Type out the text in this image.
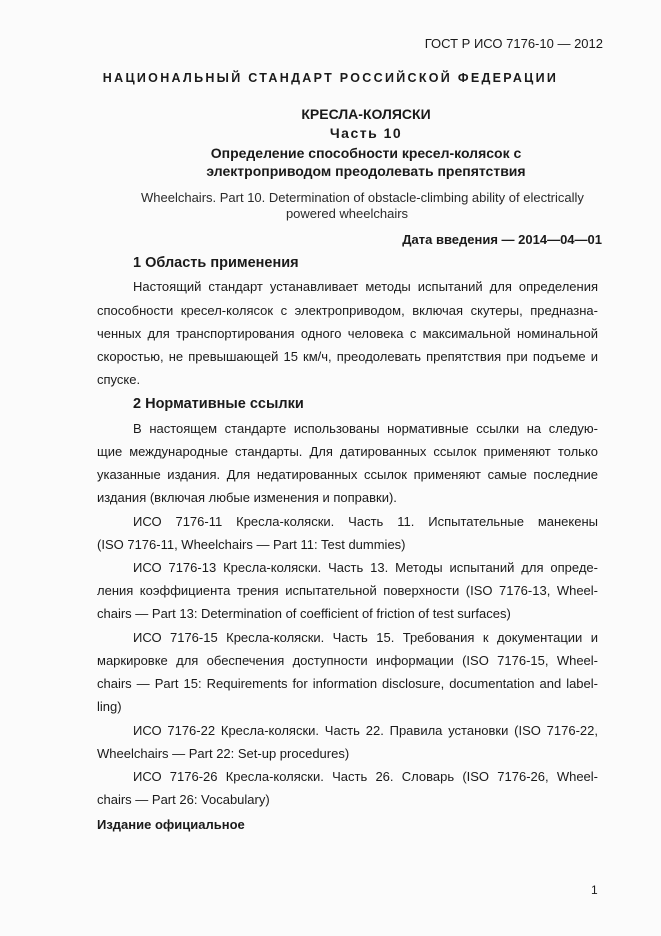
ГОСТ Р ИСО 7176-10 — 2012

НАЦИОНАЛЬНЫЙ СТАНДАРТ РОССИЙСКОЙ ФЕДЕРАЦИИ

КРЕСЛА-КОЛЯСКИ

Часть 10

Определение способности кресел-колясок с

электроприводом преодолевать препятствия

Wheelchairs. Part 10. Determination of obstacle-climbing ability of electrically

powered wheelchairs

Дата введения — 2014—04—01

1 Область применения

Настоящий стандарт устанавливает методы испытаний для определения
способности кресел-колясок с электроприводом, включая скутеры, предназна-
ченных для транспортирования одного человека с максимальной номинальной
скоростью, не превышающей 15 км/ч, преодолевать препятствия при подъеме и
спуске.

2 Нормативные ссылки

В настоящем стандарте использованы нормативные ссылки на следую-
щие международные стандарты. Для датированных ссылок применяют только
указанные издания. Для недатированных ссылок применяют самые последние
издания (включая любые изменения и поправки).
ИСО 7176-11 Кресла-коляски. Часть 11. Испытательные манекены
(ISO 7176-11, Wheelchairs — Part 11: Test dummies)
ИСО 7176-13 Кресла-коляски. Часть 13. Методы испытаний для опреде-
ления коэффициента трения испытательной поверхности (ISO 7176-13, Wheel-
chairs — Part 13: Determination of coefficient of friction of test surfaces)
ИСО 7176-15 Кресла-коляски. Часть 15. Требования к документации и
маркировке для обеспечения доступности информации (ISO 7176-15, Wheel-
chairs — Part 15: Requirements for information disclosure, documentation and label-
ling)
ИСО 7176-22 Кресла-коляски. Часть 22. Правила установки (ISO 7176-22,
Wheelchairs — Part 22: Set-up procedures)
ИСО 7176-26 Кресла-коляски. Часть 26. Словарь (ISO 7176-26, Wheel-
chairs — Part 26: Vocabulary)

Издание официальное

1
